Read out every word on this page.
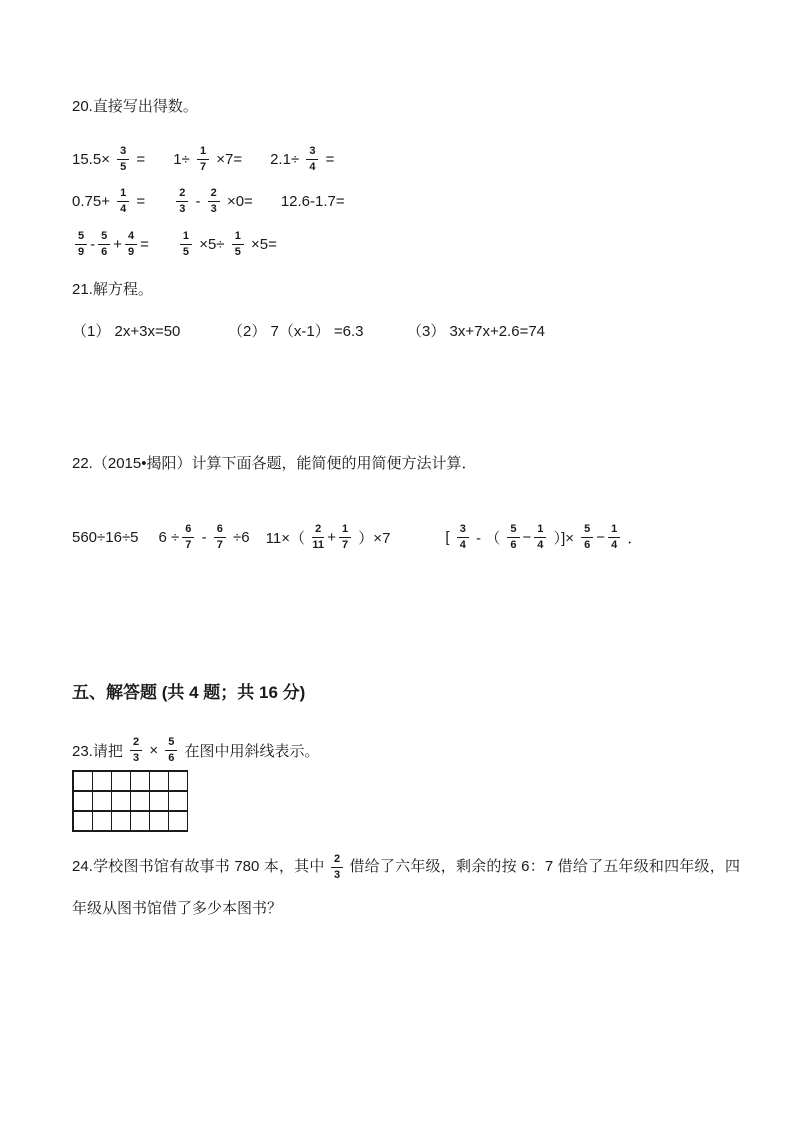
20.直接写出得数。
$15.5\times \frac{3}{5} = 1\div \frac{1}{7} \times 7= 2.1\div \frac{3}{4}$ =
$0.75+ \frac{1}{4}$ =	$\frac{2}{3} - \frac{2}{3} \times 0= 12.6-1.7=$
$\frac{5}{9} - \frac{5}{6} + \frac{4}{9}$ =	$\frac{1}{5} \times 5\div \frac{1}{5} \times 5=$
21.解方程。
（1） 2x+3x=50	（2） 7（x-1） =6.3	（3） 3x+7x+2.6=74
22.（2015•揭阳）计算下面各题，能简便的用简便方法计算．
560÷16÷5 $6 \div \frac{6}{7} - \frac{6}{7} \div 6$ $11\times( \frac{2}{11} + \frac{1}{7} )\times 7$	[ $\frac{3}{4}$ - （ $\frac{5}{6} - \frac{1}{4}$ ）]× $\frac{5}{6} - \frac{1}{4}$ ．
五、解答题 (共 4 题；共 16 分)
23.请把 $\frac{2}{3} \times \frac{5}{6}$ 在图中用斜线表示。
24.学校图书馆有故事书 780 本，其中 $\frac{2}{3}$ 借给了六年级，剩余的按 6：7 借给了五年级和四年级，四年级从图书馆借了多少本图书？
